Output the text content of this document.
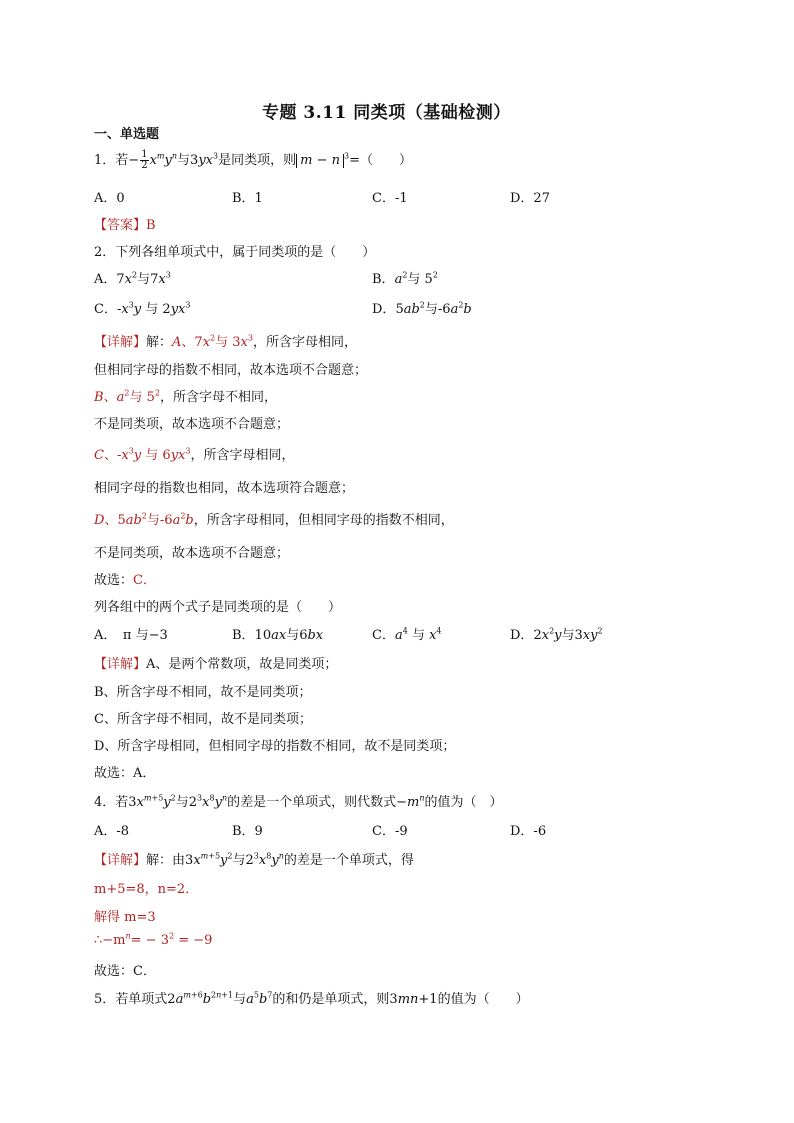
专题 3.11 同类项（基础检测）
一、单选题
1．若− $\frac{1}{2} x^my^n$与$3yx^3$是同类项，则 m − n $^3$=（　　）
A．0	B．1	C．-1	D．27
【答案】B
2．下列各组单项式中，属于同类项的是（　　）
A．$7x^2$与$7x^3$	B．$a^2$与 $5^2$
C．$-x^3y$ 与 $2yx^3$	D．$5ab^2$与$-6a^2b$
【详解】解：A、$7x^2$与 $3x^3$，所含字母相同，
但相同字母的指数不相同，故本选项不合题意；
B、$a^2$与 $5^2$，所含字母不相同，
不是同类项，故本选项不合题意；
C、$-x^3y$ 与 $6yx^3$，所含字母相同，
相同字母的指数也相同，故本选项符合题意；
D、$5ab^2$与$-6a^2b$，所含字母相同，但相同字母的指数不相同，
不是同类项，故本选项不合题意；
故选：C．
列各组中的两个式子是同类项的是（　　）
A．　π 与−3	B．10ax与6bx	C．$a^4$ 与 $x^4$	D．$2x^2y$与$3xy^2$
【详解】A、是两个常数项，故是同类项；
B、所含字母不相同，故不是同类项；
C、所含字母不相同，故不是同类项；
D、所含字母相同，但相同字母的指数不相同，故不是同类项；
故选：A．
4．若$3x^{m+5}y^2$与$2^3x^8y^n$的差是一个单项式，则代数式$-m^n$的值为（　）
A．-8	B．9	C．-9	D．-6
【详解】解：由$3x^{m+5}y^2$与$2^3x^8y^n$的差是一个单项式，得
m+5=8，n=2．
解得 m=3
$\therefore-m^n= - 3^2 = -9$
故选：C．
5．若单项式$2a^{m+6}b^{2n+1}$与$a^5b^7$的和仍是单项式，则3mn+1的值为（　　）
